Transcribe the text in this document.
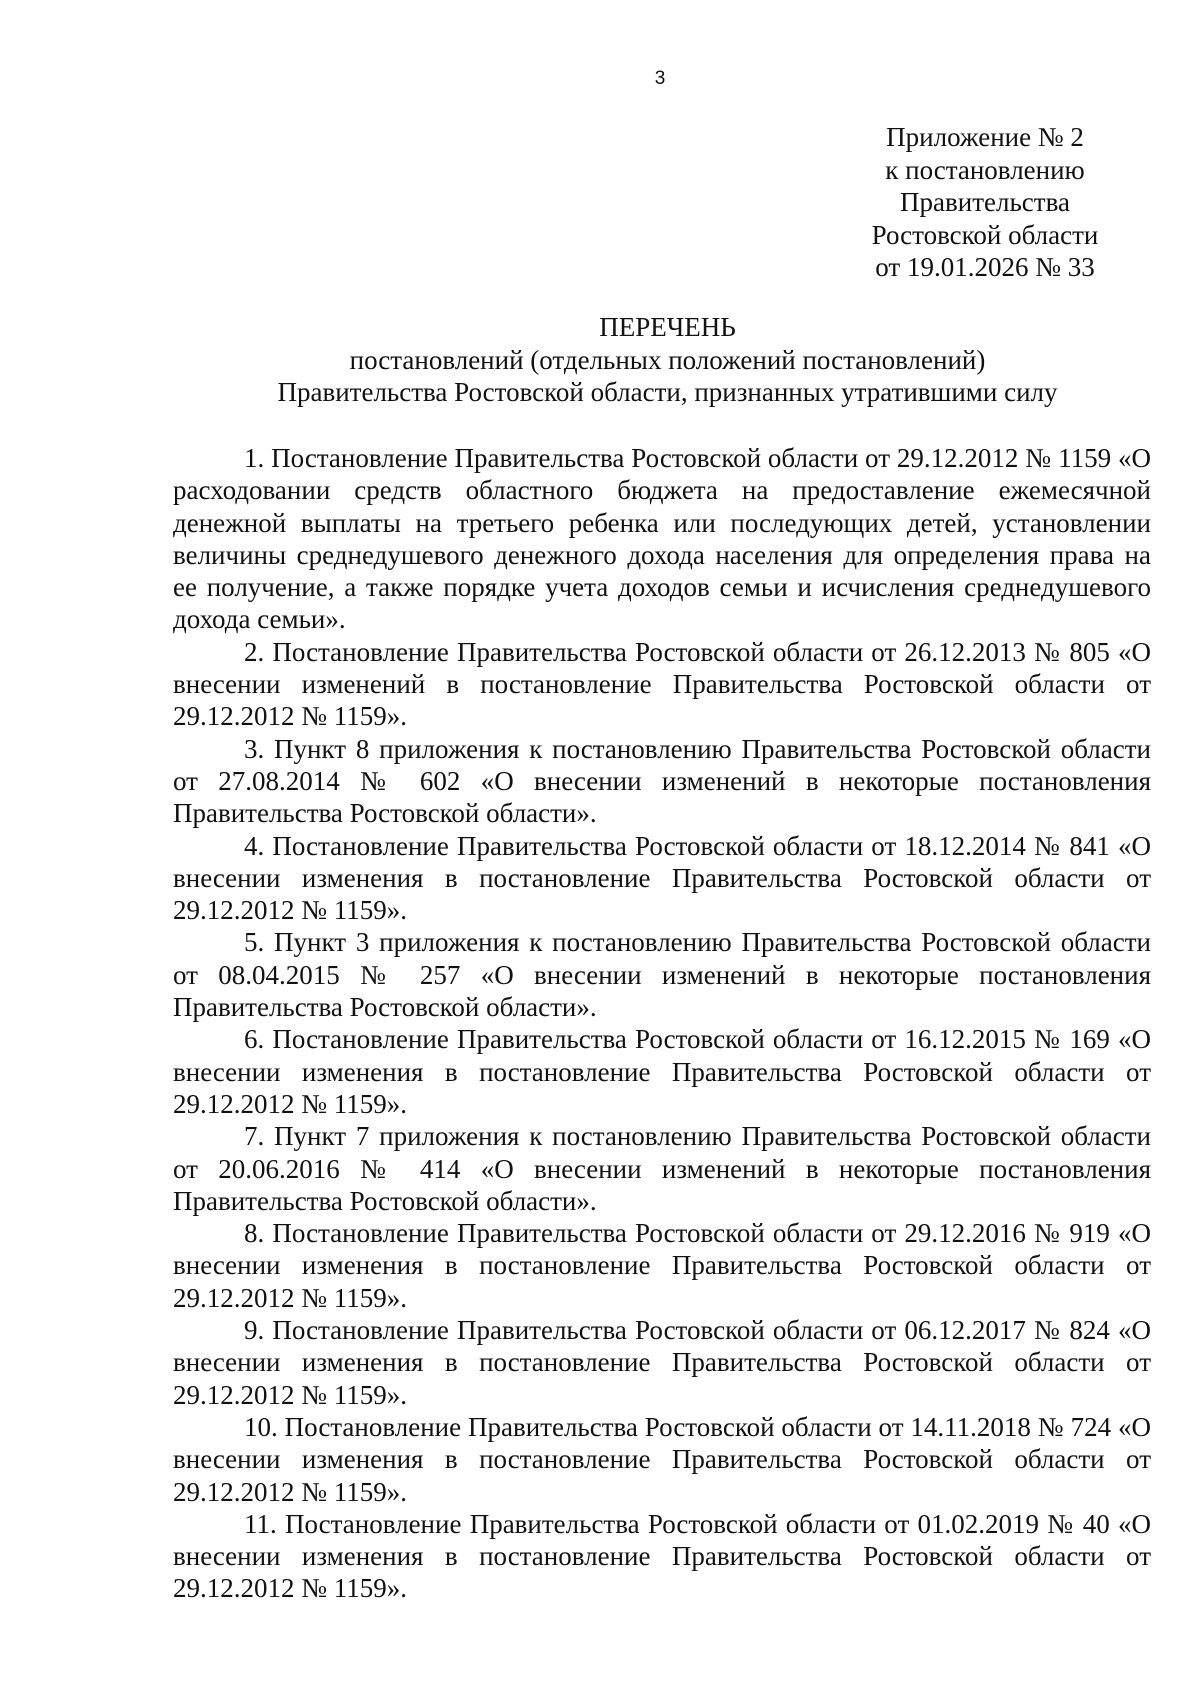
3
Приложение № 2
к постановлению
Правительства
Ростовской области
от 19.01.2026 № 33
ПЕРЕЧЕНЬ
постановлений (отдельных положений постановлений)
Правительства Ростовской области, признанных утратившими силу

1. Постановление Правительства Ростовской области от 29.12.2012 № 1159 «О расходовании средств областного бюджета на предоставление ежемесячной денежной выплаты на третьего ребенка или последующих детей, установлении величины среднедушевого денежного дохода населения для определения права на ее получение, а также порядке учета доходов семьи и исчисления среднедушевого дохода семьи».

2. Постановление Правительства Ростовской области от 26.12.2013 № 805 «О внесении изменений в постановление Правительства Ростовской области от 29.12.2012 № 1159».

3. Пункт 8 приложения к постановлению Правительства Ростовской области от 27.08.2014 № 602 «О внесении изменений в некоторые постановления Правительства Ростовской области».

4. Постановление Правительства Ростовской области от 18.12.2014 № 841 «О внесении изменения в постановление Правительства Ростовской области от 29.12.2012 № 1159».

5. Пункт 3 приложения к постановлению Правительства Ростовской области от 08.04.2015 № 257 «О внесении изменений в некоторые постановления Правительства Ростовской области».

6. Постановление Правительства Ростовской области от 16.12.2015 № 169 «О внесении изменения в постановление Правительства Ростовской области от 29.12.2012 № 1159».

7. Пункт 7 приложения к постановлению Правительства Ростовской области от 20.06.2016 № 414 «О внесении изменений в некоторые постановления Правительства Ростовской области».

8. Постановление Правительства Ростовской области от 29.12.2016 № 919 «О внесении изменения в постановление Правительства Ростовской области от 29.12.2012 № 1159».

9. Постановление Правительства Ростовской области от 06.12.2017 № 824 «О внесении изменения в постановление Правительства Ростовской области от 29.12.2012 № 1159».

10. Постановление Правительства Ростовской области от 14.11.2018 № 724 «О внесении изменения в постановление Правительства Ростовской области от 29.12.2012 № 1159».

11. Постановление Правительства Ростовской области от 01.02.2019 № 40 «О внесении изменения в постановление Правительства Ростовской области от 29.12.2012 № 1159».
